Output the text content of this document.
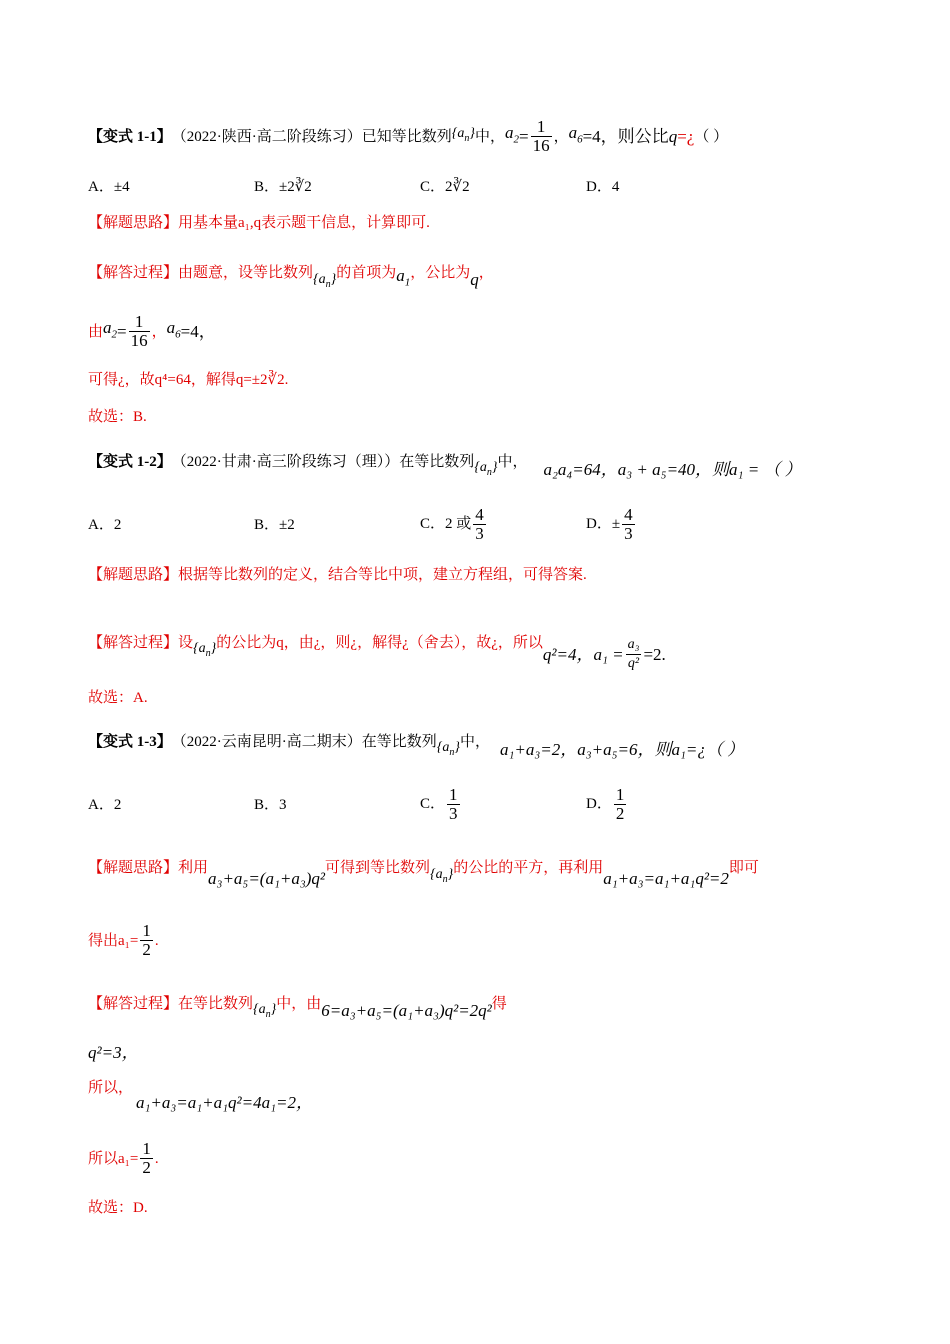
【变式 1-1】 （2022·陕西·高二阶段练习）已知等比数列 $\{a_n\}$ 中， $a_2 = \frac{1}{16}$ ， $a_6 =4$，则公比 q =¿ （ ）
A．±4	B．±2∛2	C．2∛2	D．4
【解题思路】用基本量a₁,q表示题干信息，计算即可.
【解答过程】 由题意，设等比数列 $\{a_n\}$ 的首项为 $a_1$
，公比为 q ，
由 $a_2 = \frac{1}{16}$ ， $a_6 =4$，
可得¿，故q⁴=64，解得q=±2∛2.
故选：B.
【变式 1-2】 （2022·甘肃·高三阶段练习（理））在等比数列 $\{a_n\}$ 中， a₂a₄=64，a₃ + a₅=40，则a₁ = （ ）
A．2	B．±2	C．2 或 $\frac{4}{3}$	D．± $\frac{4}{3}$
【解题思路】根据等比数列的定义，结合等比中项，建立方程组，可得答案.
【解答过程】 设 $\{a_n\}$ 的公比为q，由¿，则¿，解得¿（舍去），故¿，所以
q²=4，$a_1 = \frac{\text{a₃}}{\text{q²}} =2$.
故选：A.
【变式 1-3】 （2022·云南昆明·高二期末）在等比数列 $\{a_n\}$ 中， a₁+a₃=2，a₃+a₅=6，则a₁=¿（ ）
A．2	B．3	C． $\frac{1}{3}$	D． $\frac{1}{2}$
【解题思路】 利用
a₃+a₅=(a₁+a₃)q²
可得到等比数列 $\{a_n\}$ 的公比的平方，再利用
a₁+a₃=a₁+a₁q²=2
即可
得出$a_1= \frac{1}{2}$ .
【解答过程】 在等比数列 $\{a_n\}$ 中，由 6=a₃+a₅=(a₁+a₃)q²=2q² 得
q²=3，
所以，
a₁+a₃=a₁+a₁q²=4a₁=2，
所以$a_1= \frac{1}{2}$ .
故选：D.
